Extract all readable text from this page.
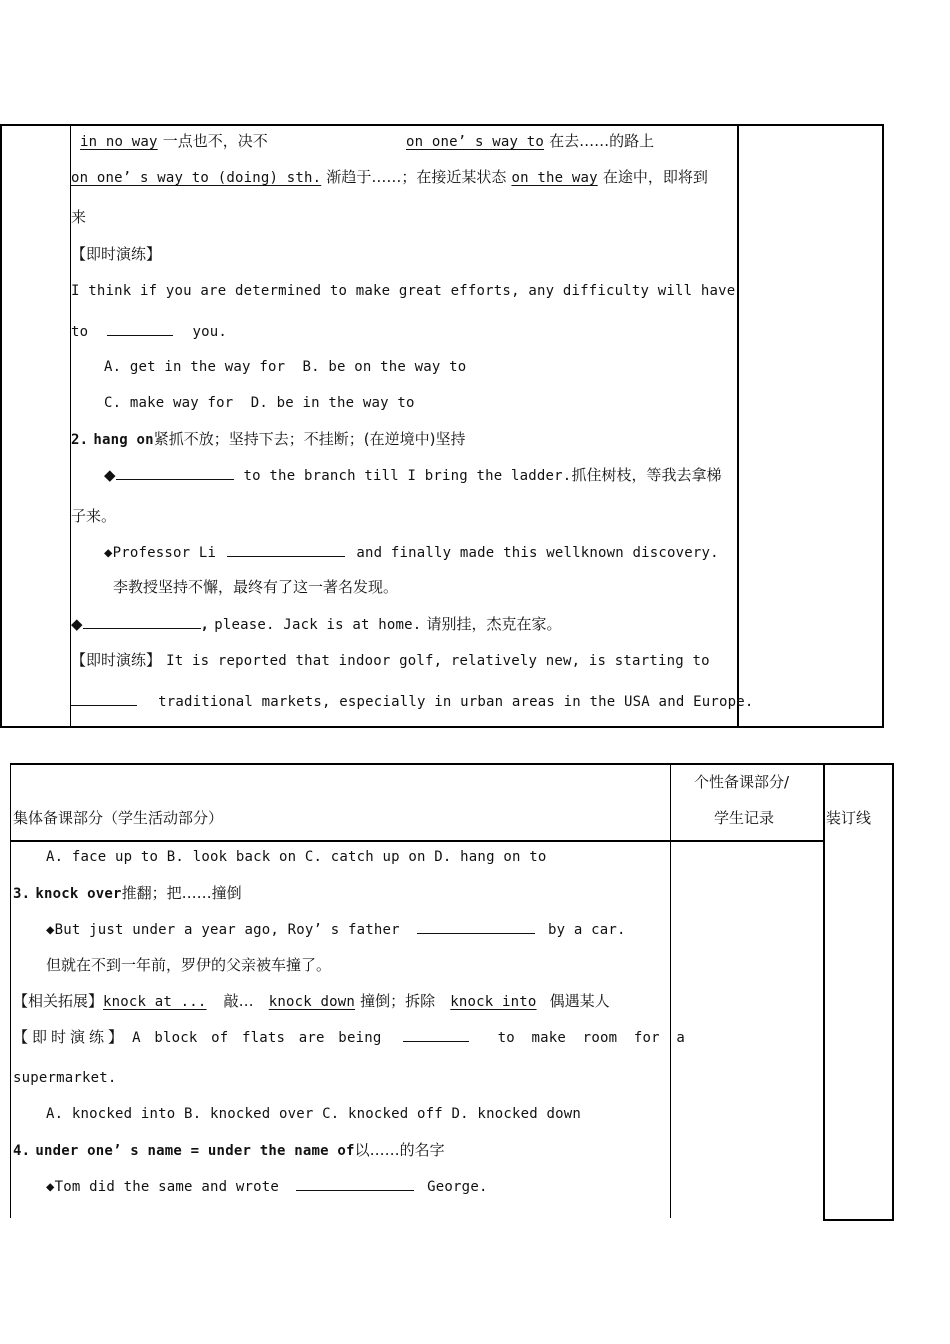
in no way 一点也不，决不	on one’ s way to 在去……的路上
on one’ s way to (doing) sth. 渐趋于……；在接近某状态 on the way 在途中，即将到
来
【即时演练】
I think if you are determined to make great efforts, any difficulty will have
to	you.
A. get in the way for B. be on the way to
C. make way for D. be in the way to
2. hang on紧抓不放；坚持下去；不挂断；(在逆境中)坚持
◆	to the branch till I bring the ladder.抓住树枝，等我去拿梯
子来。
◆Professor Li	and finally made this wellknown discovery.
李教授坚持不懈，最终有了这一著名发现。
◆	, please. Jack is at home. 请别挂，杰克在家。
【即时演练】 It is reported that indoor golf, relatively new, is starting to
traditional markets, especially in urban areas in the USA and Europe.
集体备课部分（学生活动部分）
个性备课部分/
学生记录	装订线
A. face up to B. look back on C. catch up on D. hang on to
3. knock over推翻；把……撞倒
◆But just under a year ago, Roy’ s father	by a car.
但就在不到一年前，罗伊的父亲被车撞了。
【相关拓展】knock at ... 敲… knock down 撞倒；拆除 knock into 偶遇某人
【即时演练】 A block of flats are being	to make room for a
supermarket.
A. knocked into B. knocked over C. knocked off D. knocked down
4. under one’ s name = under the name of以……的名字
◆Tom did the same and wrote	George.
